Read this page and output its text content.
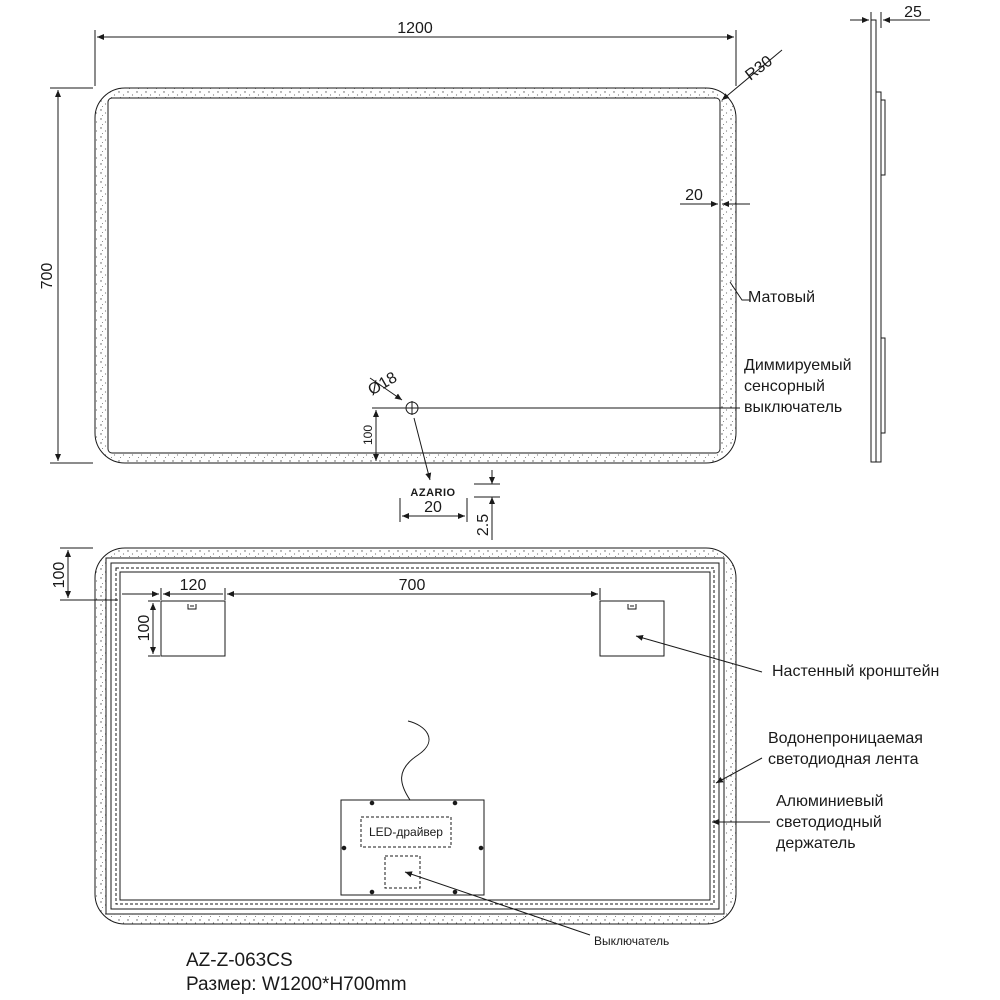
1200
700
R30
20
Матовый
Диммируемый
сенсорный
выключатель
Ø18
100
AZARIO
20
2.5
25
100	120	700
100
Настенный кронштейн
Водонепроницаемая
светодиодная лента
Алюминиевый
светодиодный
держатель
LED-драйвер
Выключатель
AZ-Z-063CS
Размер: W1200*H700mm
